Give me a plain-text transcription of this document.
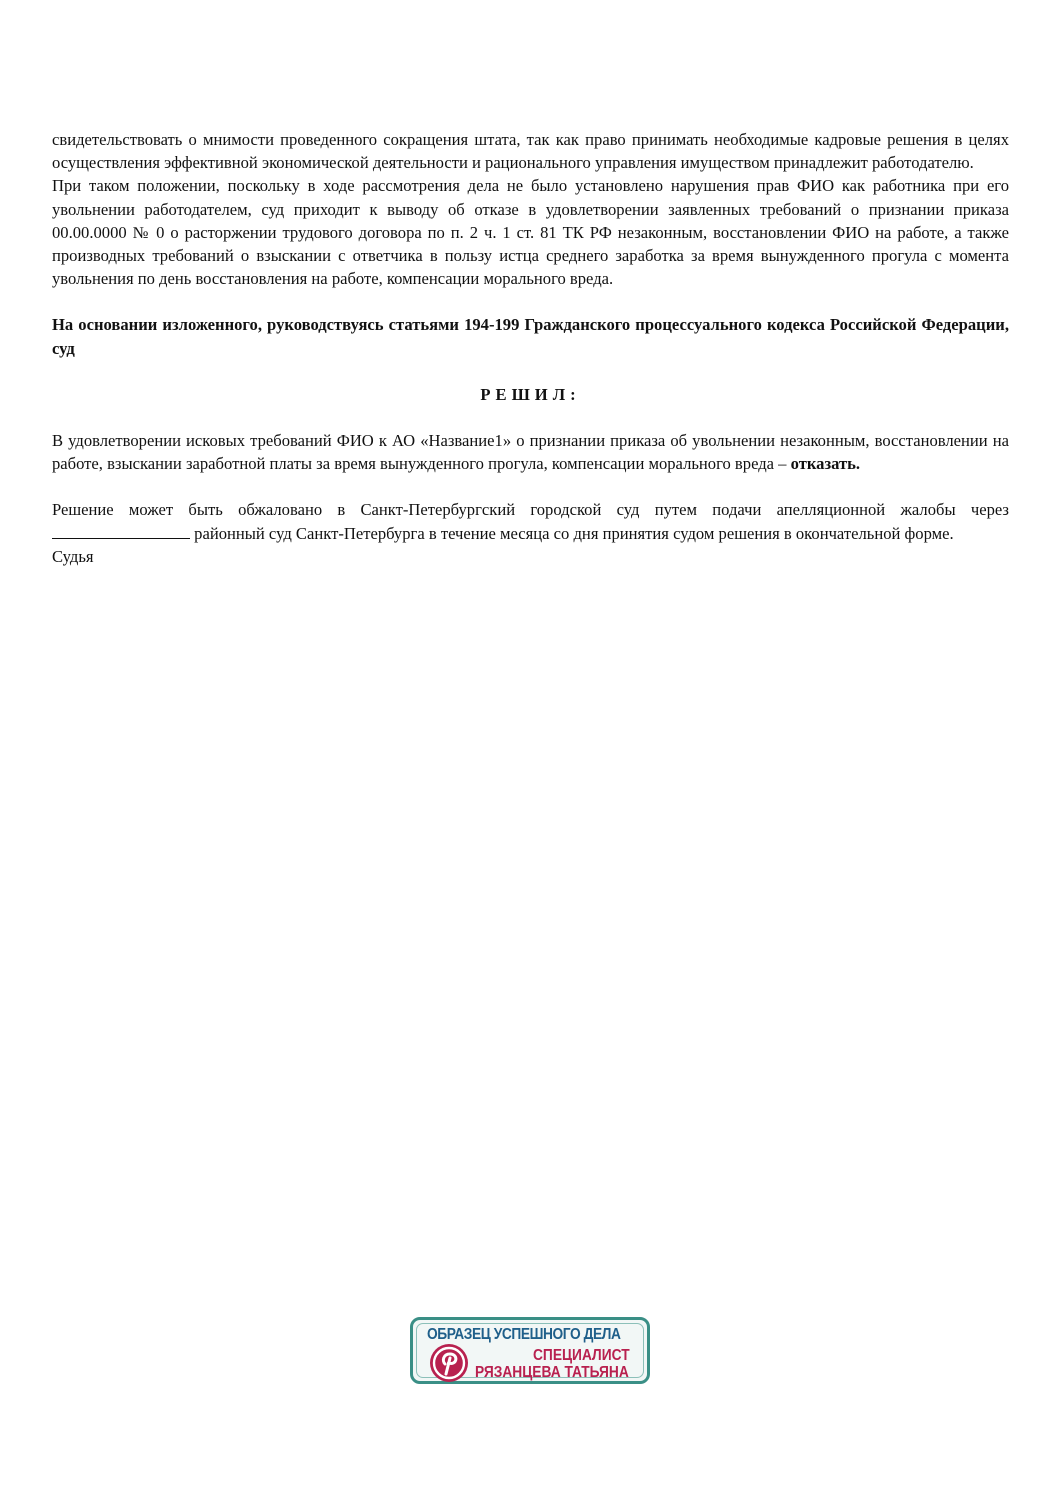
свидетельствовать о мнимости проведенного сокращения штата, так как право принимать необходимые кадровые решения в целях осуществления эффективной экономической деятельности и рационального управления имуществом принадлежит работодателю.

При таком положении, поскольку в ходе рассмотрения дела не было установлено нарушения прав ФИО как работника при его увольнении работодателем, суд приходит к выводу об отказе в удовлетворении заявленных требований о признании приказа 00.00.0000 № 0 о расторжении трудового договора по п. 2 ч. 1 ст. 81 ТК РФ незаконным, восстановлении ФИО на работе, а также производных требований о взыскании с ответчика в пользу истца среднего заработка за время вынужденного прогула с момента увольнения по день восстановления на работе, компенсации морального вреда.

На основании изложенного, руководствуясь статьями 194-199 Гражданского процессуального кодекса Российской Федерации, суд

РЕШИЛ:

В удовлетворении исковых требований ФИО к АО «Название1» о признании приказа об увольнении незаконным, восстановлении на работе, взыскании заработной платы за время вынужденного прогула, компенсации морального вреда – отказать.

Решение может быть обжаловано в Санкт-Петербургский городской суд путем подачи апелляционной жалобы через  районный суд Санкт-Петербурга в течение месяца со дня принятия судом решения в окончательной форме.

Судья

ОБРАЗЕЦ УСПЕШНОГО ДЕЛА
СПЕЦИАЛИСТ
РЯЗАНЦЕВА ТАТЬЯНА
